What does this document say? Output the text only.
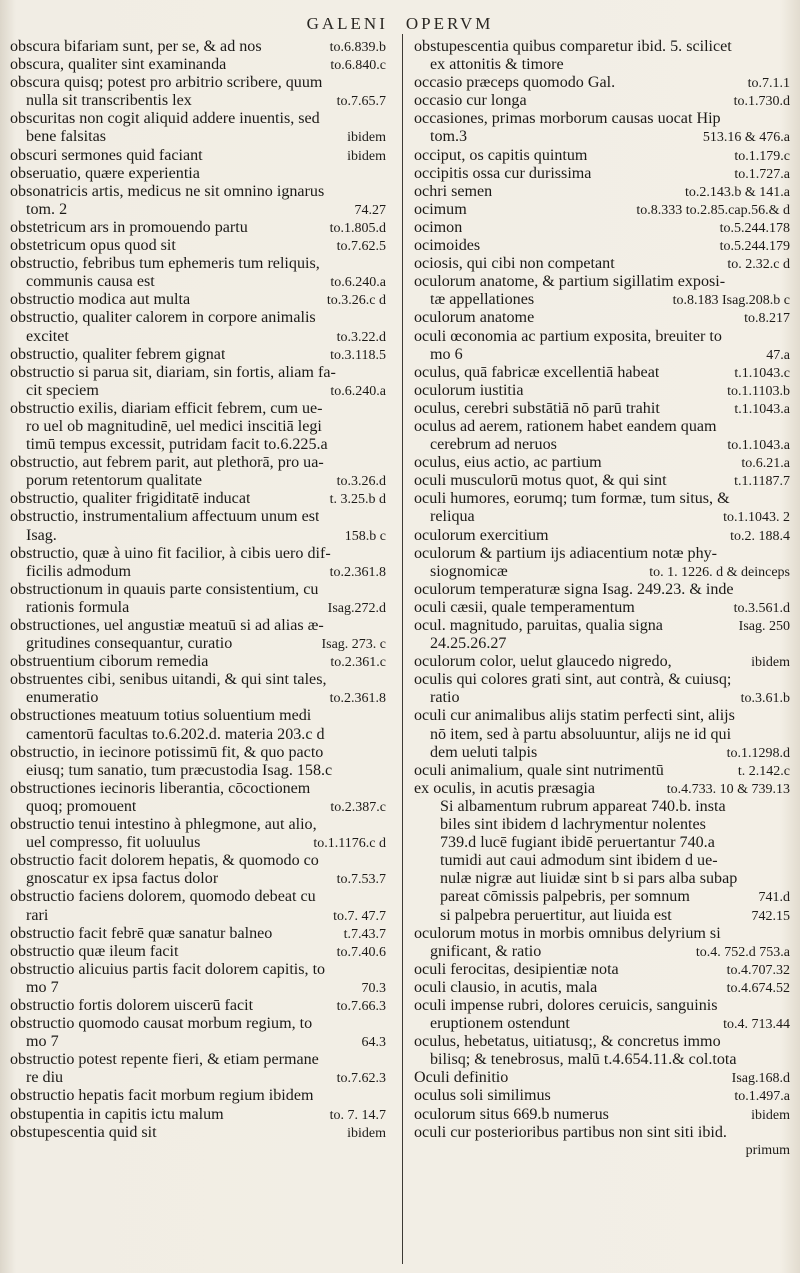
GALENI OPERVM
obscura bifariam sunt, per se, & ad nos	to.6.839.b
obscura, qualiter sint examinanda	to.6.840.c
obscura quisq; potest pro arbitrio scribere, quum
nulla sit transcribentis lex	to.7.65.7
obscuritas non cogit aliquid addere inuentis, sed
bene falsitas	ibidem
obscuri sermones quid faciant	ibidem
obseruatio, quære experientia
obsonatricis artis, medicus ne sit omnino ignarus
tom. 2	74.27
obstetricum ars in promouendo partu	to.1.805.d
obstetricum opus quod sit	to.7.62.5
obstructio, febribus tum ephemeris tum reliquis,
communis causa est	to.6.240.a
obstructio modica aut multa	to.3.26.c d
obstructio, qualiter calorem in corpore animalis
excitet	to.3.22.d
obstructio, qualiter febrem gignat	to.3.118.5
obstructio si parua sit, diariam, sin fortis, aliam fa-
cit speciem	to.6.240.a
obstructio exilis, diariam efficit febrem, cum ue-
ro uel ob magnitudinē, uel medici inscitiā legi
timū tempus excessit, putridam facit to.6.225.a
obstructio, aut febrem parit, aut plethorā, pro ua-
porum retentorum qualitate	to.3.26.d
obstructio, qualiter frigiditatē inducat	t. 3.25.b d
obstructio, instrumentalium affectuum unum est
Isag.	158.b c
obstructio, quæ à uino fit facilior, à cibis uero dif-
ficilis admodum	to.2.361.8
obstructionum in quauis parte consistentium, cu
rationis formula	Isag.272.d
obstructiones, uel angustiæ meatuū si ad alias æ-
gritudines consequantur, curatio	Isag. 273. c
obstruentium ciborum remedia	to.2.361.c
obstruentes cibi, senibus uitandi, & qui sint tales,
enumeratio	to.2.361.8
obstructiones meatuum totius soluentium medi
camentorū facultas to.6.202.d. materia 203.c d
obstructio, in iecinore potissimū fit, & quo pacto
eiusq; tum sanatio, tum præcustodia Isag. 158.c
obstructiones iecinoris liberantia, cōcoctionem
quoq; promouent	to.2.387.c
obstructio tenui intestino à phlegmone, aut alio,
uel compresso, fit uoluulus	to.1.1176.c d
obstructio facit dolorem hepatis, & quomodo co
gnoscatur ex ipsa factus dolor	to.7.53.7
obstructio faciens dolorem, quomodo debeat cu
rari	to.7. 47.7
obstructio facit febrē quæ sanatur balneo	t.7.43.7
obstructio quæ ileum facit	to.7.40.6
obstructio alicuius partis facit dolorem capitis, to
mo 7	70.3
obstructio fortis dolorem uiscerū facit	to.7.66.3
obstructio quomodo causat morbum regium, to
mo 7	64.3
obstructio potest repente fieri, & etiam permane
re diu	to.7.62.3
obstructio hepatis facit morbum regium ibidem
obstupentia in capitis ictu malum	to. 7. 14.7
obstupescentia quid sit	ibidem
obstupescentia quibus comparetur ibid. 5. scilicet
ex attonitis & timore
occasio præceps quomodo Gal.	to.7.1.1
occasio cur longa	to.1.730.d
occasiones, primas morborum causas uocat Hip
tom.3	513.16 & 476.a
occiput, os capitis quintum	to.1.179.c
occipitis ossa cur durissima	to.1.727.a
ochri semen	to.2.143.b & 141.a
ocimum	to.8.333 to.2.85.cap.56.& d
ocimon	to.5.244.178
ocimoides	to.5.244.179
ociosis, qui cibi non competant	to. 2.32.c d
oculorum anatome, & partium sigillatim exposi-
tæ appellationes	to.8.183 Isag.208.b c
oculorum anatome	to.8.217
oculi œconomia ac partium exposita, breuiter to
mo 6	47.a
oculus, quā fabricæ excellentiā habeat	t.1.1043.c
oculorum iustitia	to.1.1103.b
oculus, cerebri substātiā nō parū trahit	t.1.1043.a
oculus ad aerem, rationem habet eandem quam
cerebrum ad neruos	to.1.1043.a
oculus, eius actio, ac partium	to.6.21.a
oculi musculorū motus quot, & qui sint	t.1.1187.7
oculi humores, eorumq; tum formæ, tum situs, &
reliqua	to.1.1043. 2
oculorum exercitium	to.2. 188.4
oculorum & partium ijs adiacentium notæ phy-
siognomicæ	to. 1. 1226. d & deinceps
oculorum temperaturæ signa Isag. 249.23. & inde
oculi cæsii, quale temperamentum	to.3.561.d
ocul. magnitudo, paruitas, qualia signa	Isag. 250
24.25.26.27
oculorum color, uelut glaucedo nigredo,	ibidem
oculis qui colores grati sint, aut contrà, & cuiusq;
ratio	to.3.61.b
oculi cur animalibus alijs statim perfecti sint, alijs
nō item, sed à partu absoluuntur, alijs ne id qui
dem ueluti talpis	to.1.1298.d
oculi animalium, quale sint nutrimentū	t. 2.142.c
ex oculis, in acutis præsagia	to.4.733. 10 & 739.13
Si albamentum rubrum appareat 740.b. insta
biles sint ibidem d lachrymentur nolentes
739.d lucē fugiant ibidē peruertantur 740.a
tumidi aut caui admodum sint ibidem d ue-
nulæ nigræ aut liuidæ sint b si pars alba subap
pareat cōmissis palpebris, per somnum	741.d
si palpebra peruertitur, aut liuida est	742.15
oculorum motus in morbis omnibus delyrium si
gnificant, & ratio	to.4. 752.d 753.a
oculi ferocitas, desipientiæ nota	to.4.707.32
oculi clausio, in acutis, mala	to.4.674.52
oculi impense rubri, dolores ceruicis, sanguinis
eruptionem ostendunt	to.4. 713.44
oculus, hebetatus, uitiatusq;, & concretus immo
bilisq; & tenebrosus, malū t.4.654.11.& col.tota
Oculi definitio	Isag.168.d
oculus soli similimus	to.1.497.a
oculorum situs 669.b numerus	ibidem
oculi cur posterioribus partibus non sint siti ibid.
primum
